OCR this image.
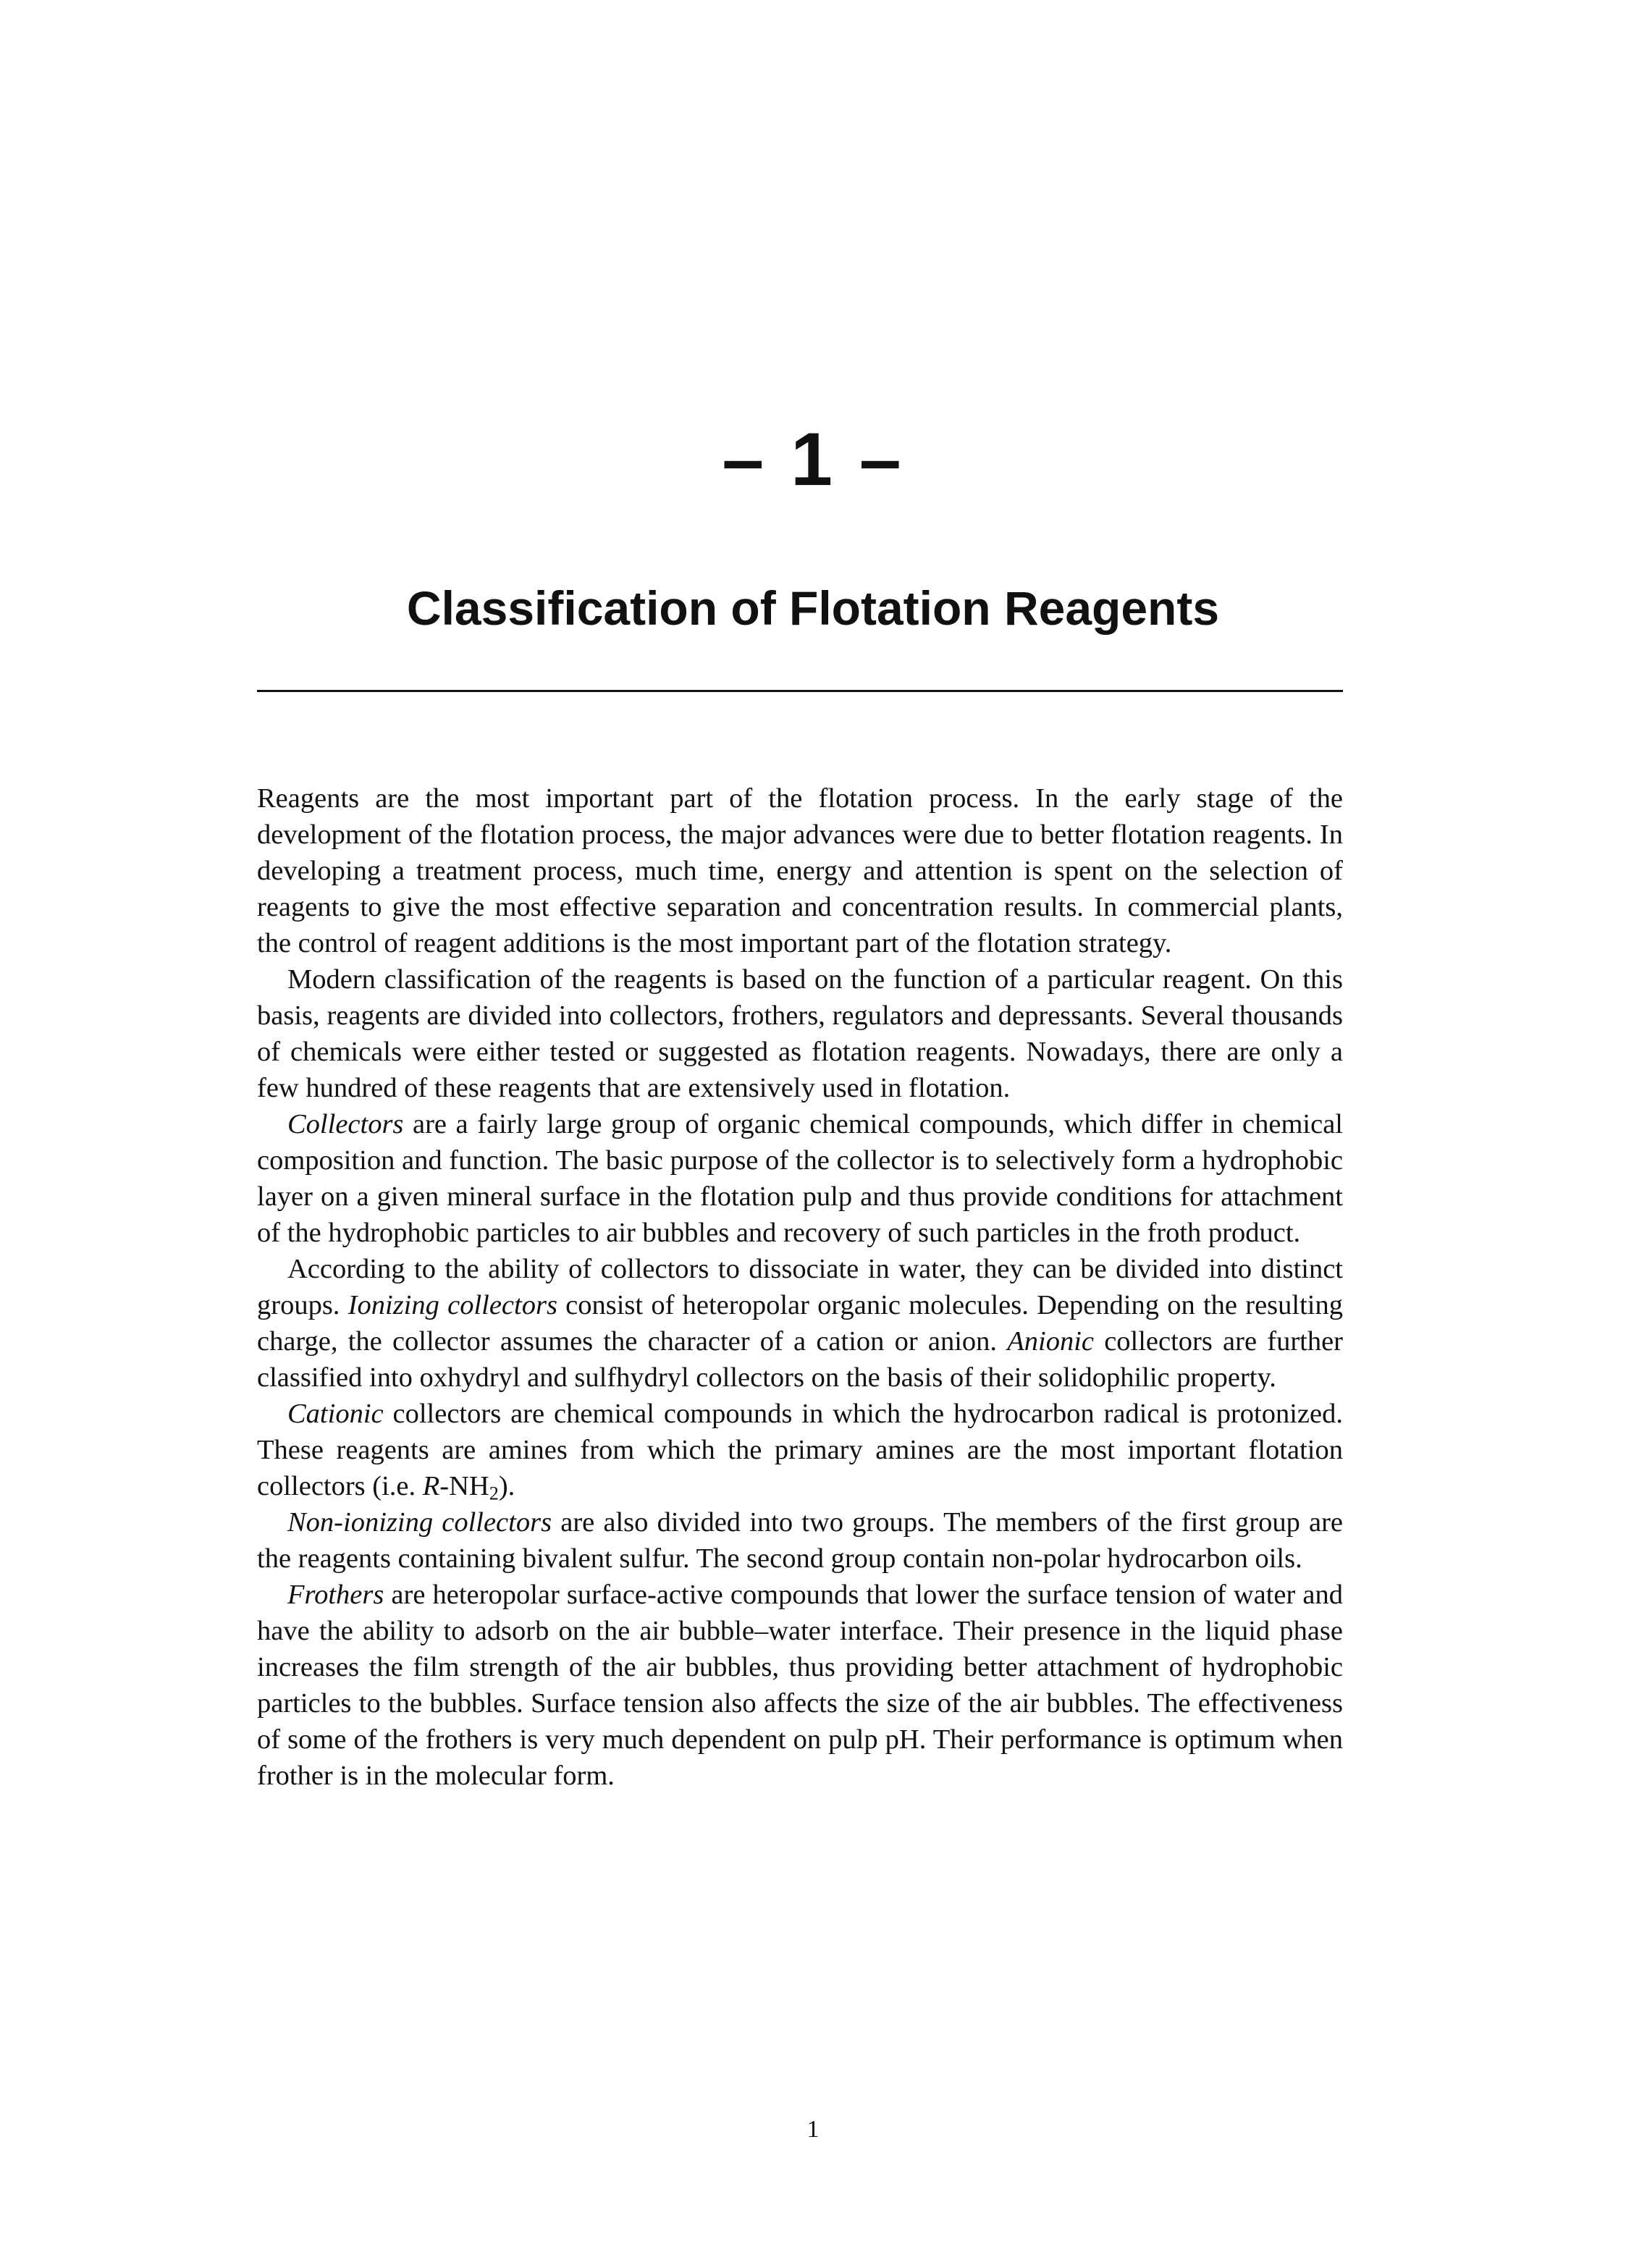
– 1 –
Classification of Flotation Reagents

Reagents are the most important part of the flotation process. In the early stage of the development of the flotation process, the major advances were due to better flotation reagents. In developing a treatment process, much time, energy and attention is spent on the selection of reagents to give the most effective separation and concentration results. In commercial plants, the control of reagent additions is the most important part of the flotation strategy.

Modern classification of the reagents is based on the function of a particular reagent. On this basis, reagents are divided into collectors, frothers, regulators and depressants. Several thousands of chemicals were either tested or suggested as flotation reagents. Nowadays, there are only a few hundred of these reagents that are extensively used in flotation.

Collectors are a fairly large group of organic chemical compounds, which differ in chemical composition and function. The basic purpose of the collector is to selectively form a hydrophobic layer on a given mineral surface in the flotation pulp and thus provide conditions for attachment of the hydrophobic particles to air bubbles and recovery of such particles in the froth product.

According to the ability of collectors to dissociate in water, they can be divided into distinct groups. Ionizing collectors consist of heteropolar organic molecules. Depending on the resulting charge, the collector assumes the character of a cation or anion. Anionic collectors are further classified into oxhydryl and sulfhydryl collectors on the basis of their solidophilic property.

Cationic collectors are chemical compounds in which the hydrocarbon radical is protonized. These reagents are amines from which the primary amines are the most important flotation collectors (i.e. $R-NH_2$).

Non-ionizing collectors are also divided into two groups. The members of the first group are the reagents containing bivalent sulfur. The second group contain non-polar hydrocarbon oils.

Frothers are heteropolar surface-active compounds that lower the surface tension of water and have the ability to adsorb on the air bubble–water interface. Their presence in the liquid phase increases the film strength of the air bubbles, thus providing better attachment of hydrophobic particles to the bubbles. Surface tension also affects the size of the air bubbles. The effectiveness of some of the frothers is very much dependent on pulp pH. Their performance is optimum when frother is in the molecular form.

1
